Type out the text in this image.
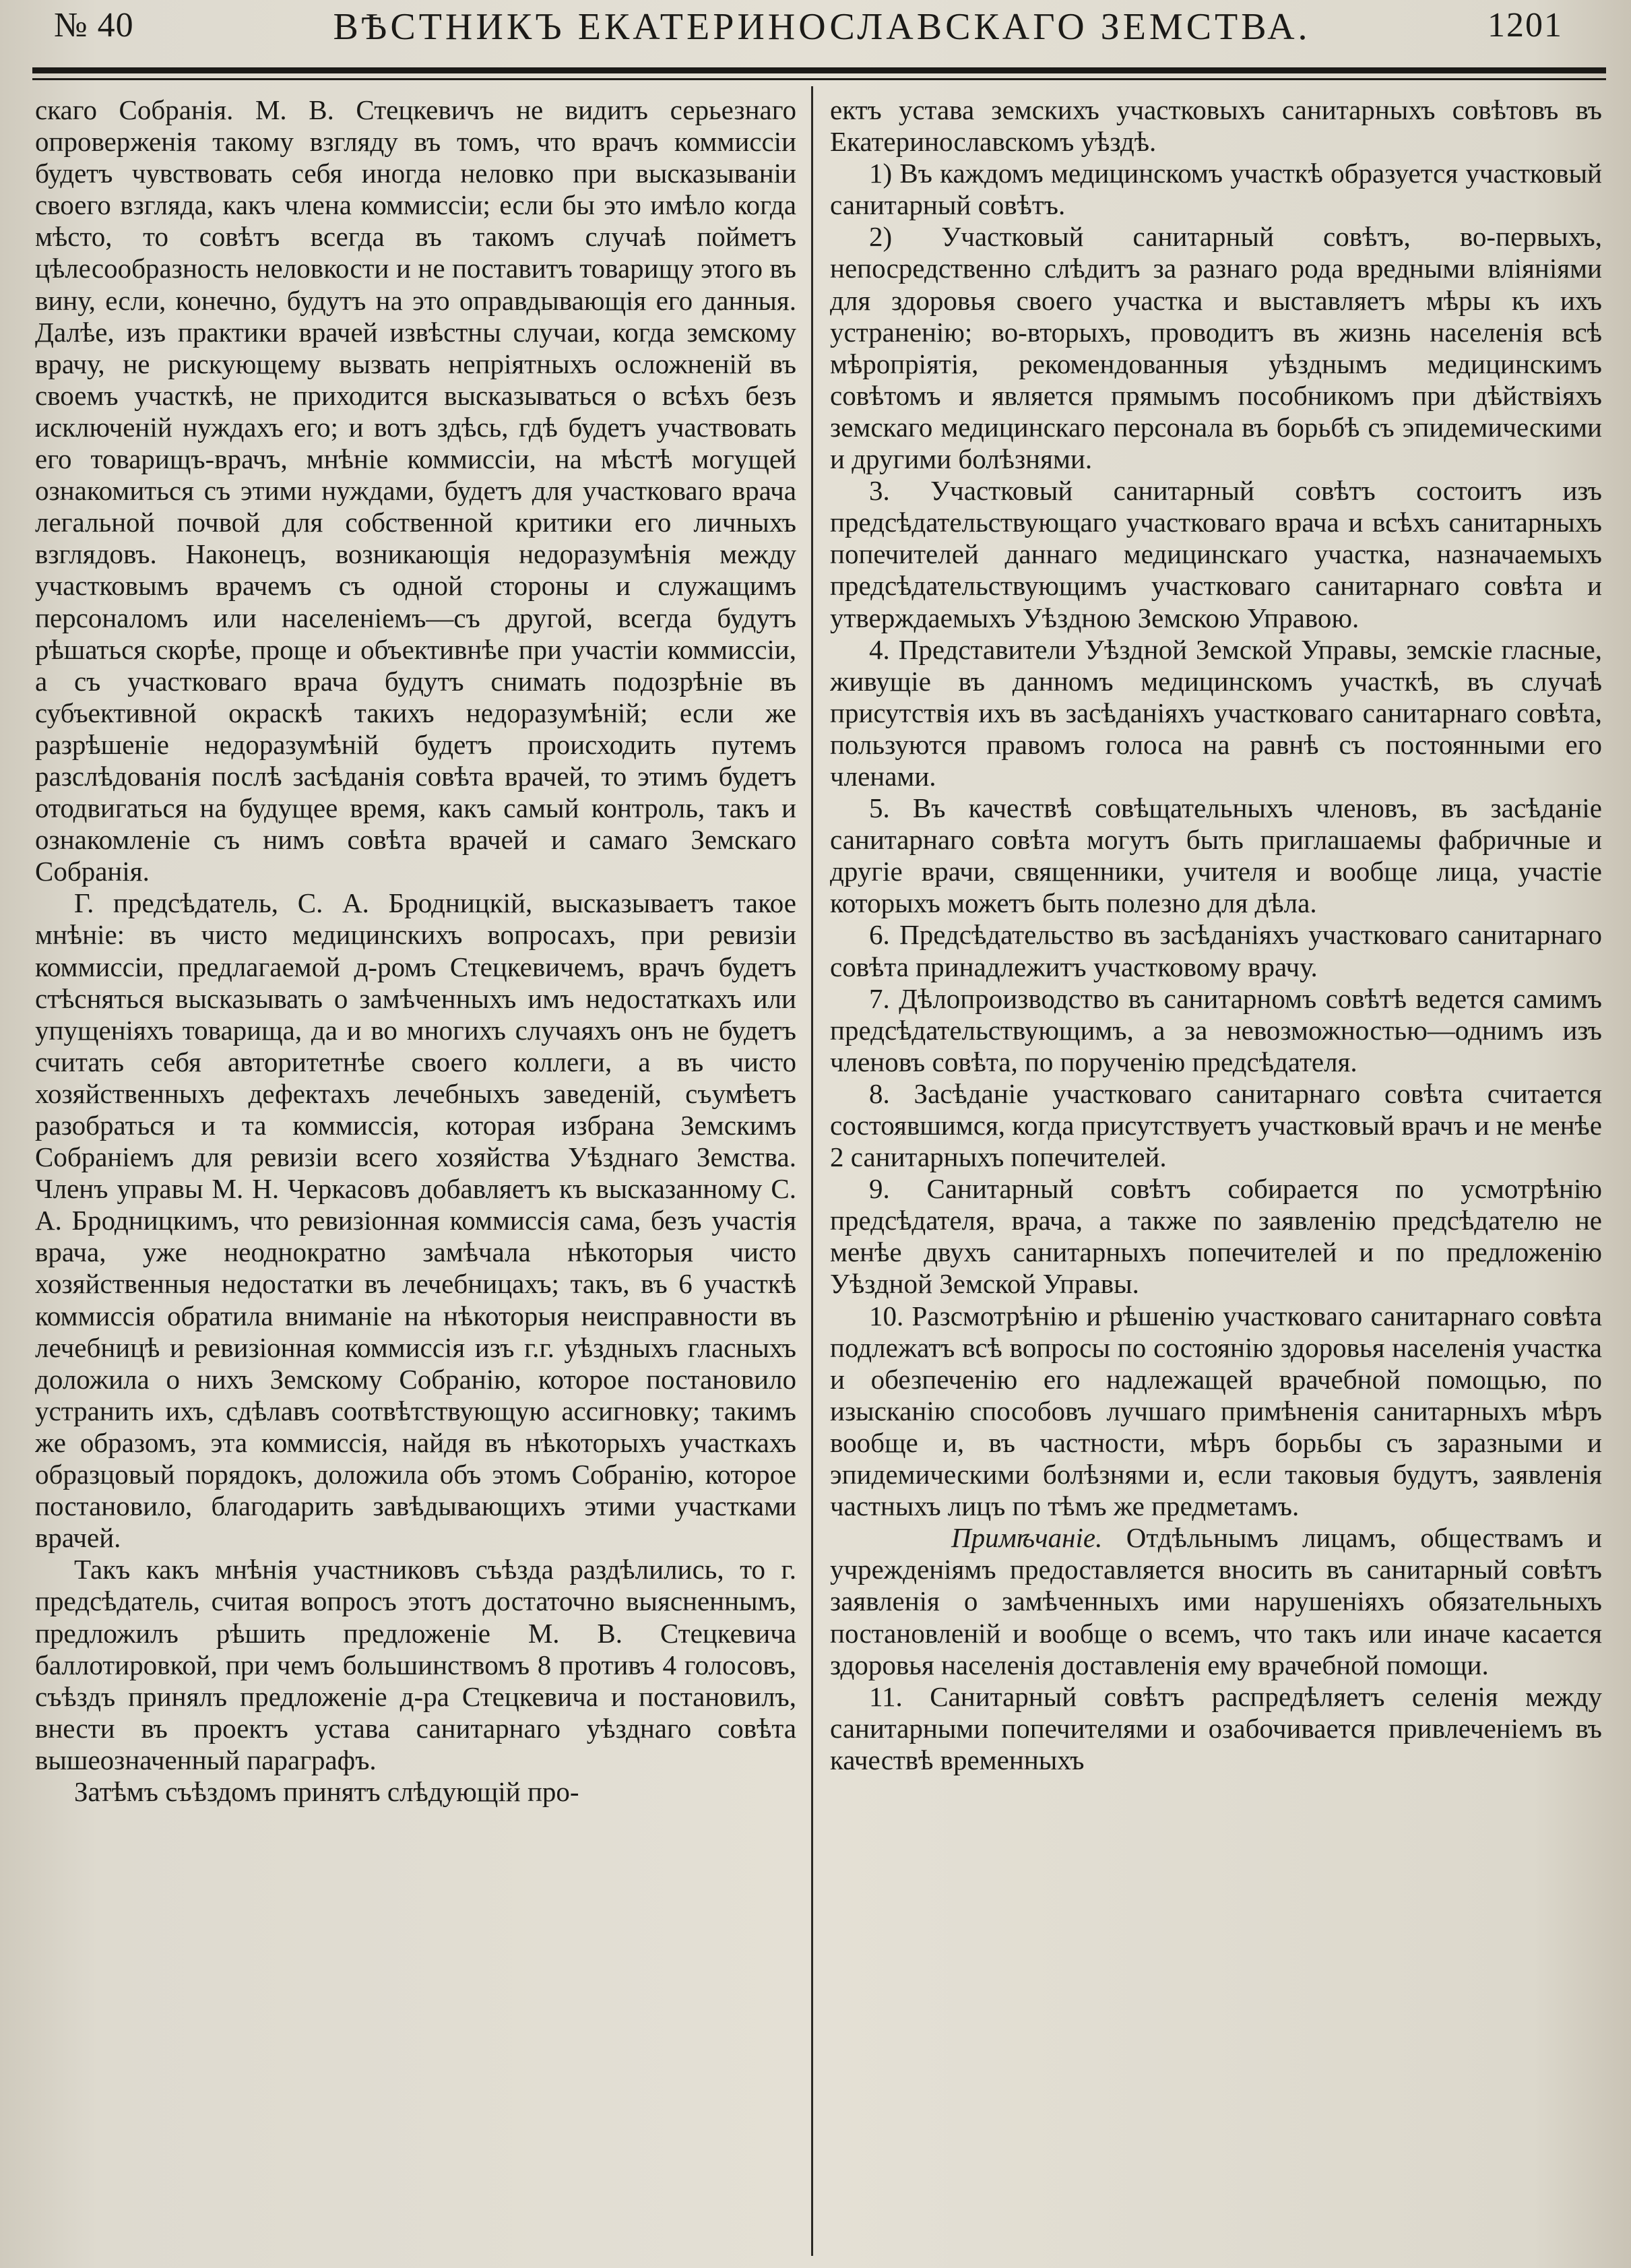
ВѢСТНИКЪ ЕКАТЕРИНОСЛАВСКАГО ЗЕМСТВА.
№ 40	1201

скаго Собранія. М. В. Стецкевичъ не видитъ серьезнаго опроверженія такому взгляду въ томъ, что врачъ коммиссіи будетъ чувствовать себя иногда неловко при высказываніи своего взгляда, какъ члена коммиссіи; если бы это имѣло когда мѣсто, то совѣтъ всегда въ такомъ случаѣ пойметъ цѣлесообразность неловкости и не поставитъ товарищу этого въ вину, если, конечно, будутъ на это оправдывающія его данныя. Далѣе, изъ практики врачей извѣстны случаи, когда земскому врачу, не рискующему вызвать непріятныхъ осложненій въ своемъ участкѣ, не приходится высказываться о всѣхъ безъ исключеній нуждахъ его; и вотъ здѣсь, гдѣ будетъ участвовать его товарищъ-врачъ, мнѣніе коммиссіи, на мѣстѣ могущей ознакомиться съ этими нуждами, будетъ для участковаго врача легальной почвой для собственной критики его личныхъ взглядовъ. Наконецъ, возникающія недоразумѣнія между участковымъ врачемъ съ одной стороны и служащимъ персоналомъ или населеніемъ—съ другой, всегда будутъ рѣшаться скорѣе, проще и объективнѣе при участіи коммиссіи, а съ участковаго врача будутъ снимать подозрѣніе въ субъективной окраскѣ такихъ недоразумѣній; если же разрѣшеніе недоразумѣній будетъ происходить путемъ разслѣдованія послѣ засѣданія совѣта врачей, то этимъ будетъ отодвигаться на будущее время, какъ самый контроль, такъ и ознакомленіе съ нимъ совѣта врачей и самаго Земскаго Собранія.

Г. предсѣдатель, С. А. Бродницкій, высказываетъ такое мнѣніе: въ чисто медицинскихъ вопросахъ, при ревизіи коммиссіи, предлагаемой д-ромъ Стецкевичемъ, врачъ будетъ стѣсняться высказывать о замѣченныхъ имъ недостаткахъ или упущеніяхъ товарища, да и во многихъ случаяхъ онъ не будетъ считать себя авторитетнѣе своего коллеги, а въ чисто хозяйственныхъ дефектахъ лечебныхъ заведеній, съумѣетъ разобраться и та коммиссія, которая избрана Земскимъ Собраніемъ для ревизіи всего хозяйства Уѣзднаго Земства. Членъ управы М. Н. Черкасовъ добавляетъ къ высказанному С. А. Бродницкимъ, что ревизіонная коммиссія сама, безъ участія врача, уже неоднократно замѣчала нѣкоторыя чисто хозяйственныя недостатки въ лечебницахъ; такъ, въ 6 участкѣ коммиссія обратила вниманіе на нѣкоторыя неисправности въ лечебницѣ и ревизіонная коммиссія изъ г.г. уѣздныхъ гласныхъ доложила о нихъ Земскому Собранію, которое постановило устранить ихъ, сдѣлавъ соотвѣтствующую ассигновку; такимъ же образомъ, эта коммиссія, найдя въ нѣкоторыхъ участкахъ образцовый порядокъ, доложила объ этомъ Собранію, которое постановило, благодарить завѣдывающихъ этими участками врачей.

Такъ какъ мнѣнія участниковъ съѣзда раздѣлились, то г. предсѣдатель, считая вопросъ этотъ достаточно выясненнымъ, предложилъ рѣшить предложеніе М. В. Стецкевича баллотировкой, при чемъ большинствомъ 8 противъ 4 голосовъ, съѣздъ принялъ предложеніе д-ра Стецкевича и постановилъ, внести въ проектъ устава санитарнаго уѣзднаго совѣта вышеозначенный параграфъ.

Затѣмъ съѣздомъ принятъ слѣдующій про-

ектъ устава земскихъ участковыхъ санитарныхъ совѣтовъ въ Екатеринославскомъ уѣздѣ.

1) Въ каждомъ медицинскомъ участкѣ образуется участковый санитарный совѣтъ.

2) Участковый санитарный совѣтъ, во-первыхъ, непосредственно слѣдитъ за разнаго рода вредными вліяніями для здоровья своего участка и выставляетъ мѣры къ ихъ устраненію; во-вторыхъ, проводитъ въ жизнь населенія всѣ мѣропріятія, рекомендованныя уѣзднымъ медицинскимъ совѣтомъ и является прямымъ пособникомъ при дѣйствіяхъ земскаго медицинскаго персонала въ борьбѣ съ эпидемическими и другими болѣзнями.

3. Участковый санитарный совѣтъ состоитъ изъ предсѣдательствующаго участковаго врача и всѣхъ санитарныхъ попечителей даннаго медицинскаго участка, назначаемыхъ предсѣдательствующимъ участковаго санитарнаго совѣта и утверждаемыхъ Уѣздною Земскою Управою.

4. Представители Уѣздной Земской Управы, земскіе гласные, живущіе въ данномъ медицинскомъ участкѣ, въ случаѣ присутствія ихъ въ засѣданіяхъ участковаго санитарнаго совѣта, пользуются правомъ голоса на равнѣ съ постоянными его членами.

5. Въ качествѣ совѣщательныхъ членовъ, въ засѣданіе санитарнаго совѣта могутъ быть приглашаемы фабричные и другіе врачи, священники, учителя и вообще лица, участіе которыхъ можетъ быть полезно для дѣла.

6. Предсѣдательство въ засѣданіяхъ участковаго санитарнаго совѣта принадлежитъ участковому врачу.

7. Дѣлопроизводство въ санитарномъ совѣтѣ ведется самимъ предсѣдательствующимъ, а за невозможностью—однимъ изъ членовъ совѣта, по порученію предсѣдателя.

8. Засѣданіе участковаго санитарнаго совѣта считается состоявшимся, когда присутствуетъ участковый врачъ и не менѣе 2 санитарныхъ попечителей.

9. Санитарный совѣтъ собирается по усмотрѣнію предсѣдателя, врача, а также по заявленію предсѣдателю не менѣе двухъ санитарныхъ попечителей и по предложенію Уѣздной Земской Управы.

10. Разсмотрѣнію и рѣшенію участковаго санитарнаго совѣта подлежатъ всѣ вопросы по состоянію здоровья населенія участка и обезпеченію его надлежащей врачебной помощью, по изысканію способовъ лучшаго примѣненія санитарныхъ мѣръ вообще и, въ частности, мѣръ борьбы съ заразными и эпидемическими болѣзнями и, если таковыя будутъ, заявленія частныхъ лицъ по тѣмъ же предметамъ.

Примѣчаніе. Отдѣльнымъ лицамъ, обществамъ и учрежденіямъ предоставляется вносить въ санитарный совѣтъ заявленія о замѣченныхъ ими нарушеніяхъ обязательныхъ постановленій и вообще о всемъ, что такъ или иначе касается здоровья населенія доставленія ему врачебной помощи.

11. Санитарный совѣтъ распредѣляетъ селенія между санитарными попечителями и озабочивается привлеченіемъ въ качествѣ временныхъ
